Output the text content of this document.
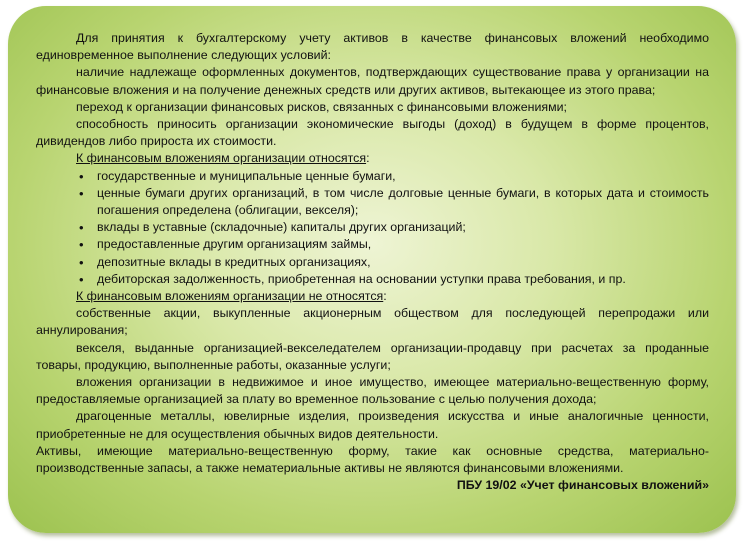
Для принятия к бухгалтерскому учету активов в качестве финансовых вложений необходимо единовременное выполнение следующих условий:

наличие надлежаще оформленных документов, подтверждающих существование права у организации на финансовые вложения и на получение денежных средств или других активов, вытекающее из этого права;

переход к организации финансовых рисков, связанных с финансовыми вложениями;

способность приносить организации экономические выгоды (доход) в будущем в форме процентов, дивидендов либо прироста их стоимости.

К финансовым вложениям организации относятся:

• государственные и муниципальные ценные бумаги,
• ценные бумаги других организаций, в том числе долговые ценные бумаги, в которых дата и стоимость погашения определена (облигации, векселя);
• вклады в уставные (складочные) капиталы других организаций;
• предоставленные другим организациям займы,
• депозитные вклады в кредитных организациях,
• дебиторская задолженность, приобретенная на основании уступки права требования, и пр.

К финансовым вложениям организации не относятся:

собственные акции, выкупленные акционерным обществом для последующей перепродажи или аннулирования;

векселя, выданные организацией-векселедателем организации-продавцу при расчетах за проданные товары, продукцию, выполненные работы, оказанные услуги;

вложения организации в недвижимое и иное имущество, имеющее материально-вещественную форму, предоставляемые организацией за плату во временное пользование с целью получения дохода;

драгоценные металлы, ювелирные изделия, произведения искусства и иные аналогичные ценности, приобретенные не для осуществления обычных видов деятельности.

Активы, имеющие материально-вещественную форму, такие как основные средства, материально-производственные запасы, а также нематериальные активы не являются финансовыми вложениями.

ПБУ 19/02 «Учет финансовых вложений»
